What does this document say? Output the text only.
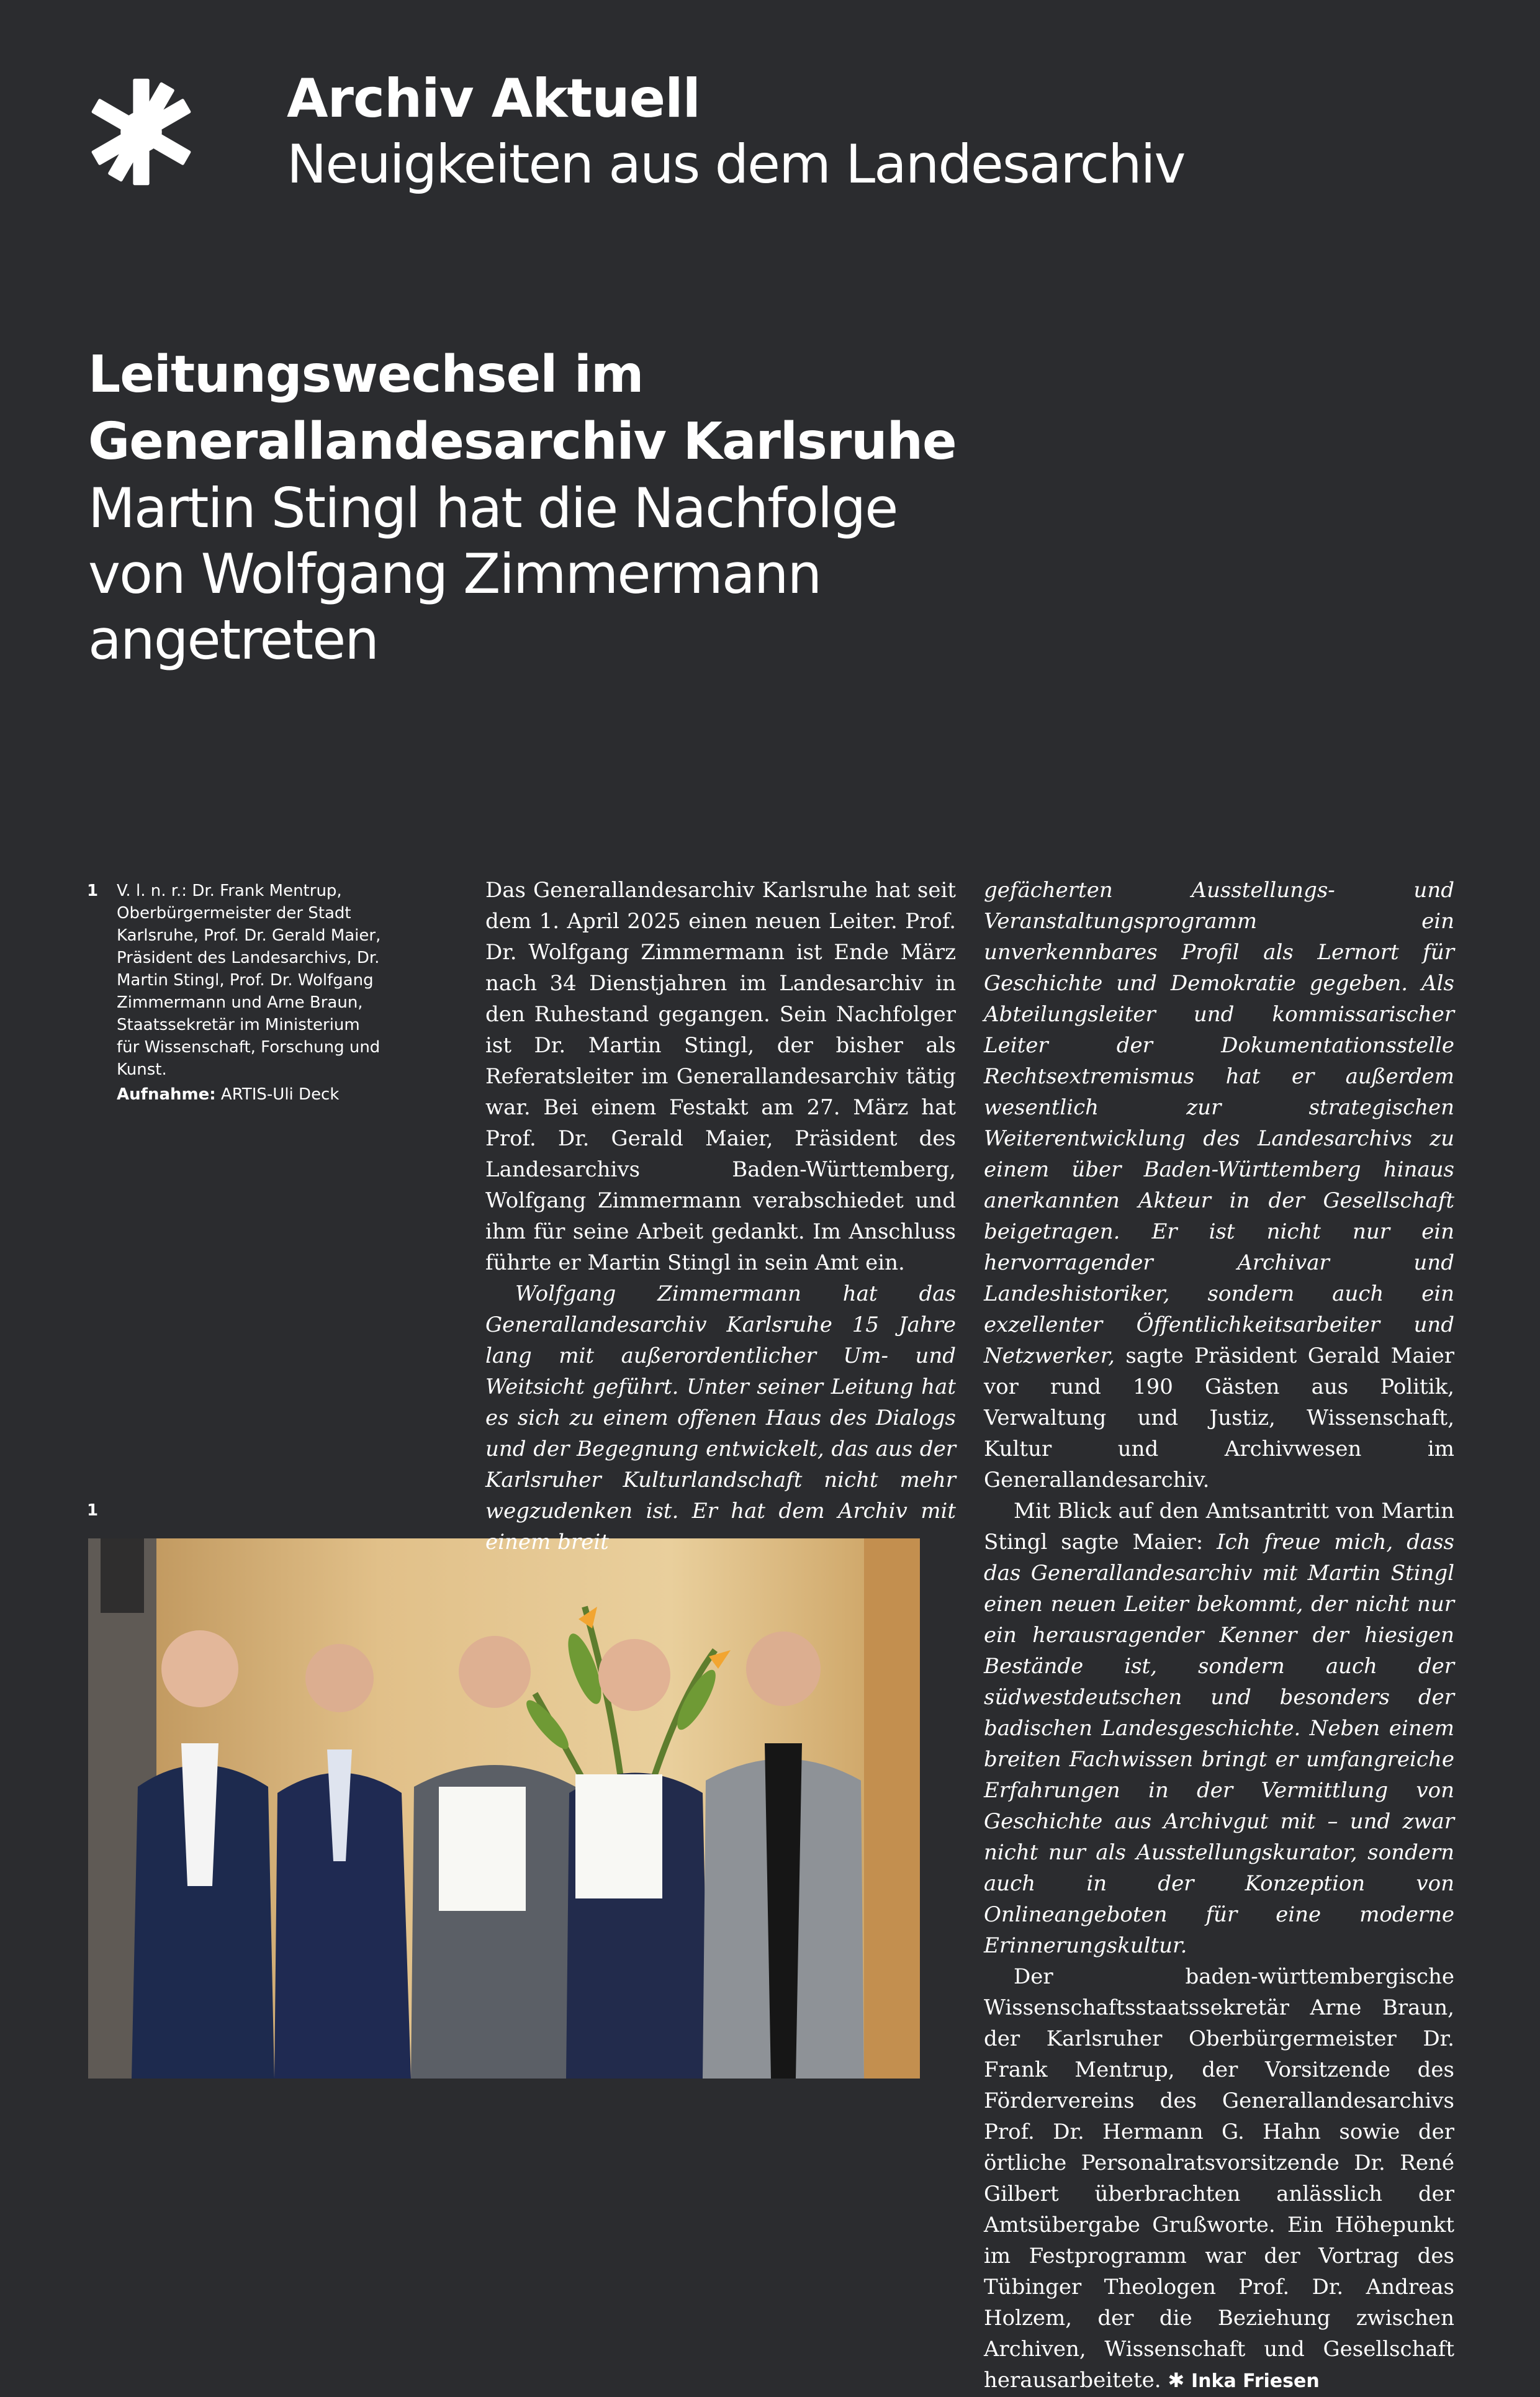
Archiv Aktuell
Neuigkeiten aus dem Landesarchiv
Leitungswechsel im
Generallandesarchiv Karlsruhe
Martin Stingl hat die Nachfolge
von Wolfgang Zimmermann
angetreten
1 V. l. n. r.: Dr. Frank Mentrup, Oberbürgermeister der Stadt Karlsruhe, Prof. Dr. Gerald Maier, Präsident des Landesarchivs, Dr. Martin Stingl, Prof. Dr. Wolfgang Zimmermann und Arne Braun, Staatssekretär im Ministerium für Wissenschaft, Forschung und Kunst.
Aufnahme: ARTIS-Uli Deck
1

Das Generallandesarchiv Karlsruhe hat seit dem 1. April 2025 einen neuen Leiter. Prof. Dr. Wolfgang Zimmermann ist Ende März nach 34 Dienstjahren im Landesarchiv in den Ruhestand gegangen. Sein Nachfolger ist Dr. Martin Stingl, der bisher als Referatsleiter im Generallandesarchiv tätig war. Bei einem Festakt am 27. März hat Prof. Dr. Gerald Maier, Präsident des Landesarchivs Baden-Württemberg, Wolfgang Zimmermann verabschiedet und ihm für seine Arbeit gedankt. Im Anschluss führte er Martin Stingl in sein Amt ein.

Wolfgang Zimmermann hat das Generallandesarchiv Karlsruhe 15 Jahre lang mit außerordentlicher Um- und Weitsicht geführt. Unter seiner Leitung hat es sich zu einem offenen Haus des Dialogs und der Begegnung entwickelt, das aus der Karlsruher Kulturlandschaft nicht mehr wegzudenken ist. Er hat dem Archiv mit einem breit

gefächerten Ausstellungs- und Veranstaltungsprogramm ein unverkennbares Profil als Lernort für Geschichte und Demokratie gegeben. Als Abteilungsleiter und kommissarischer Leiter der Dokumentationsstelle Rechtsextremismus hat er außerdem wesentlich zur strategischen Weiterentwicklung des Landesarchivs zu einem über Baden-Württemberg hinaus anerkannten Akteur in der Gesellschaft beigetragen. Er ist nicht nur ein hervorragender Archivar und Landeshistoriker, sondern auch ein exzellenter Öffentlichkeitsarbeiter und Netzwerker, sagte Präsident Gerald Maier vor rund 190 Gästen aus Politik, Verwaltung und Justiz, Wissenschaft, Kultur und Archivwesen im Generallandesarchiv.

Mit Blick auf den Amtsantritt von Martin Stingl sagte Maier: Ich freue mich, dass das Generallandesarchiv mit Martin Stingl einen neuen Leiter bekommt, der nicht nur ein herausragender Kenner der hiesigen Bestände ist, sondern auch der südwestdeutschen und besonders der badischen Landesgeschichte. Neben einem breiten Fachwissen bringt er umfangreiche Erfahrungen in der Vermittlung von Geschichte aus Archivgut mit – und zwar nicht nur als Ausstellungskurator, sondern auch in der Konzeption von Onlineangeboten für eine moderne Erinnerungskultur.

Der baden-württembergische Wissenschaftsstaatssekretär Arne Braun, der Karlsruher Oberbürgermeister Dr. Frank Mentrup, der Vorsitzende des Fördervereins des Generallandesarchivs Prof. Dr. Hermann G. Hahn sowie der örtliche Personalratsvorsitzende Dr. René Gilbert überbrachten anlässlich der Amtsübergabe Grußworte. Ein Höhepunkt im Festprogramm war der Vortrag des Tübinger Theologen Prof. Dr. Andreas Holzem, der die Beziehung zwischen Archiven, Wissenschaft und Gesellschaft herausarbeitete. ✱ Inka Friesen
